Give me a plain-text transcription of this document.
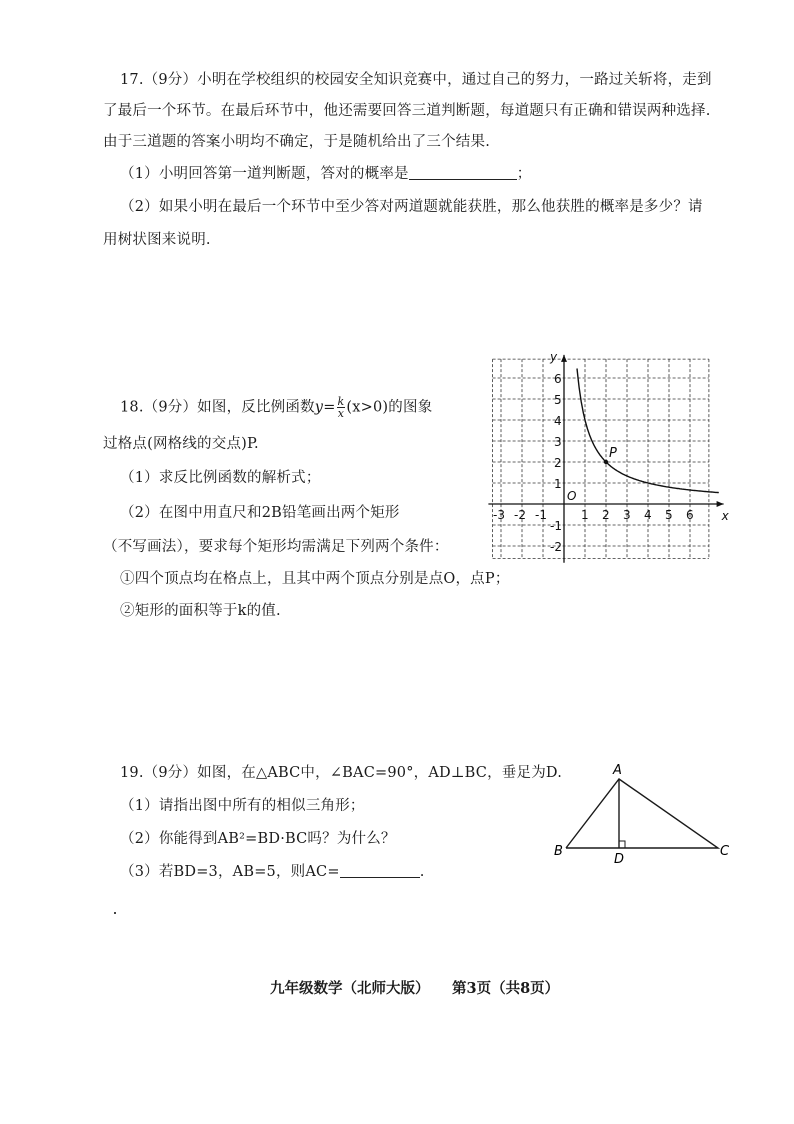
17.（9分）小明在学校组织的校园安全知识竞赛中，通过自己的努力，一路过关斩将，走到
了最后一个环节。在最后环节中，他还需要回答三道判断题，每道题只有正确和错误两种选择.
由于三道题的答案小明均不确定，于是随机给出了三个结果.
（1）小明回答第一道判断题，答对的概率是	；
（2）如果小明在最后一个环节中至少答对两道题就能获胜，那么他获胜的概率是多少？请
用树状图来说明.
18.（9分）如图，反比例函数$y= \frac{k}{x} (x>0)$的图象
过格点(网格线的交点)P.
（1）求反比例函数的解析式；
（2）在图中用直尺和2B铅笔画出两个矩形
（不写画法），要求每个矩形均需满足下列两个条件：
①四个顶点均在格点上，且其中两个顶点分别是点O，点P；
②矩形的面积等于k的值.
y
x
O
-3 -2 -1	1 2 3 4 5 6
6
5
4
3
2
1
-1
-2
P
19.（9分）如图，在△ABC中，∠BAC=90°，AD⊥BC，垂足为D.
（1）请指出图中所有的相似三角形；
（2）你能得到AB²=BD·BC吗？为什么？
（3）若BD=3，AB=5，则AC=	.
A
B	C
D
九年级数学（北师大版） 第3页（共8页）
